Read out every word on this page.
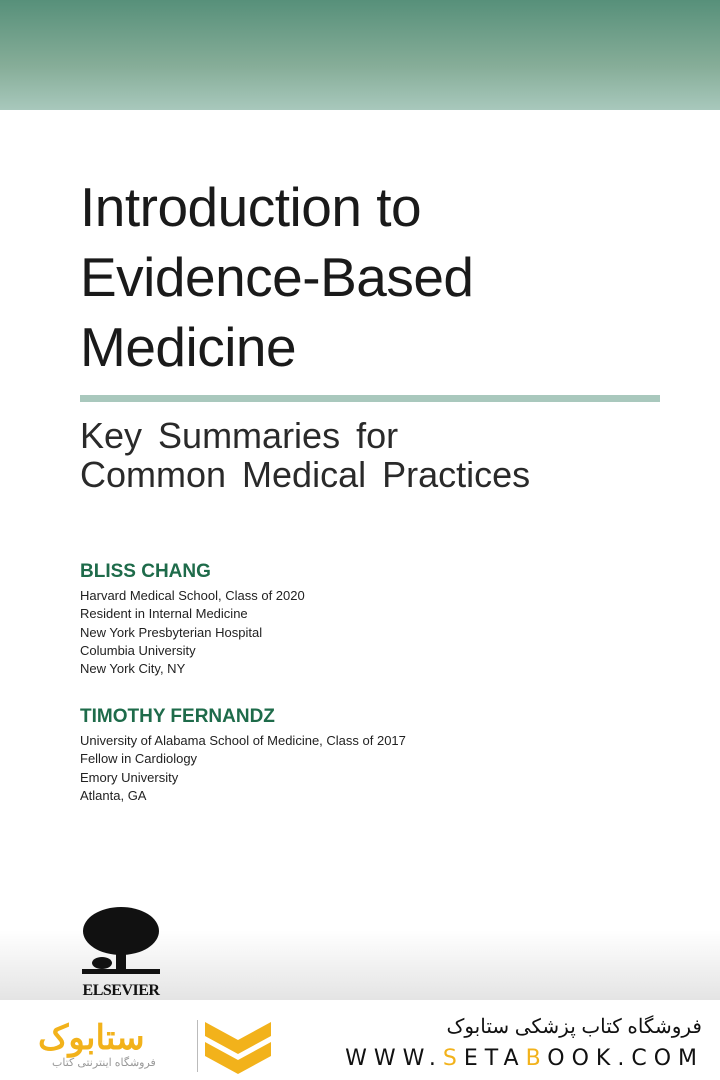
Introduction to
Evidence-Based
Medicine
Key Summaries for
Common Medical Practices
BLISS CHANG
Harvard Medical School, Class of 2020
Resident in Internal Medicine
New York Presbyterian Hospital
Columbia University
New York City, NY
TIMOTHY FERNANDZ
University of Alabama School of Medicine, Class of 2017
Fellow in Cardiology
Emory University
Atlanta, GA
ELSEVIER
ستابوک
فروشگاه اینترنتی کتاب
فروشگاه کتاب پزشکی ستابوک
WWW.SETABOOK.COM
